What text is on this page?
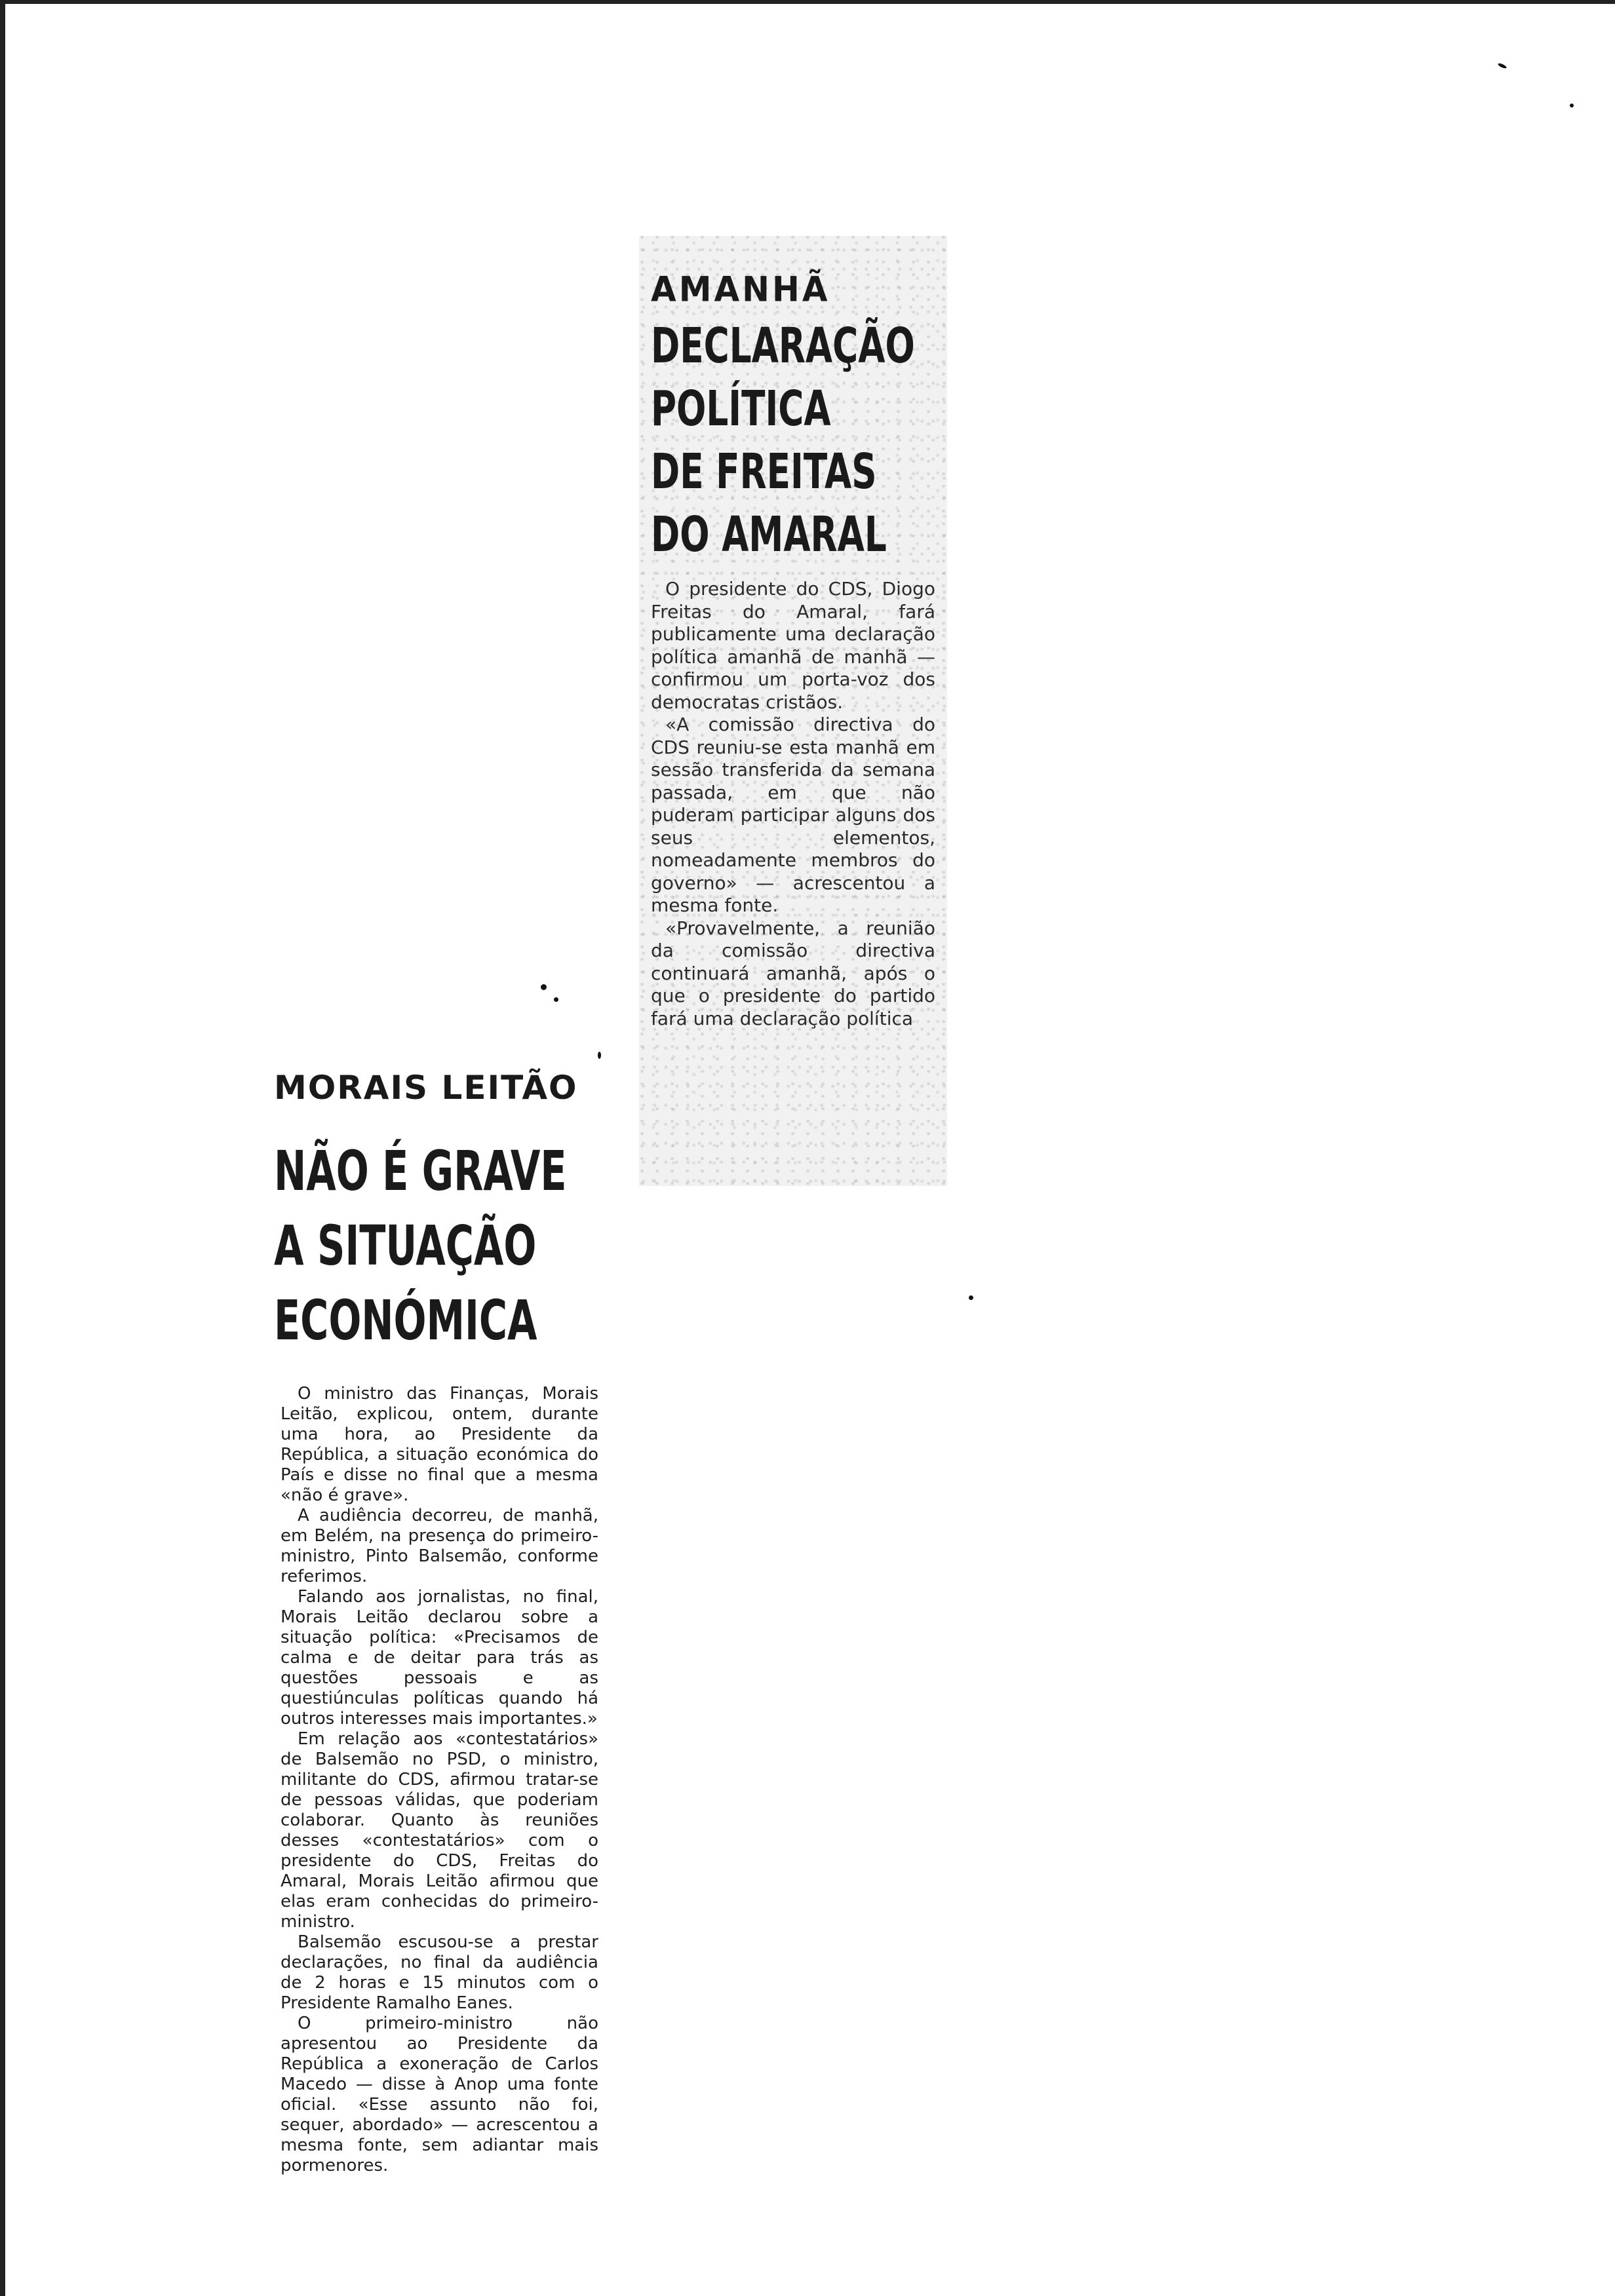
AMANHÃ
DECLARAÇÃO
POLÍTICA
DE FREITAS
DO AMARAL

O presidente do CDS, Diogo Freitas do Amaral, fará publicamente uma declaração política amanhã de manhã — confirmou um porta-voz dos democratas cristãos.

«A comissão directiva do CDS reuniu-se esta manhã em sessão transferida da semana passada, em que não puderam participar alguns dos seus elementos, nomeadamente membros do governo» — acrescentou a mesma fonte.

«Provavelmente, a reunião da comissão directiva continuará amanhã, após o que o presidente do partido fará uma declaração política

MORAIS LEITÃO
NÃO É GRAVE
A SITUAÇÃO
ECONÓMICA

O ministro das Finanças, Morais Leitão, explicou, ontem, durante uma hora, ao Presidente da República, a situação económica do País e disse no final que a mesma «não é grave».

A audiência decorreu, de manhã, em Belém, na presença do primeiro-ministro, Pinto Balsemão, conforme referimos.

Falando aos jornalistas, no final, Morais Leitão declarou sobre a situação política: «Precisamos de calma e de deitar para trás as questões pessoais e as questiúnculas políticas quando há outros interesses mais importantes.»

Em relação aos «contestatários» de Balsemão no PSD, o ministro, militante do CDS, afirmou tratar-se de pessoas válidas, que poderiam colaborar. Quanto às reuniões desses «contestatários» com o presidente do CDS, Freitas do Amaral, Morais Leitão afirmou que elas eram conhecidas do primeiro-ministro.

Balsemão escusou-se a prestar declarações, no final da audiência de 2 horas e 15 minutos com o Presidente Ramalho Eanes.

O primeiro-ministro não apresentou ao Presidente da República a exoneração de Carlos Macedo — disse à Anop uma fonte oficial. «Esse assunto não foi, sequer, abordado» — acrescentou a mesma fonte, sem adiantar mais pormenores.
